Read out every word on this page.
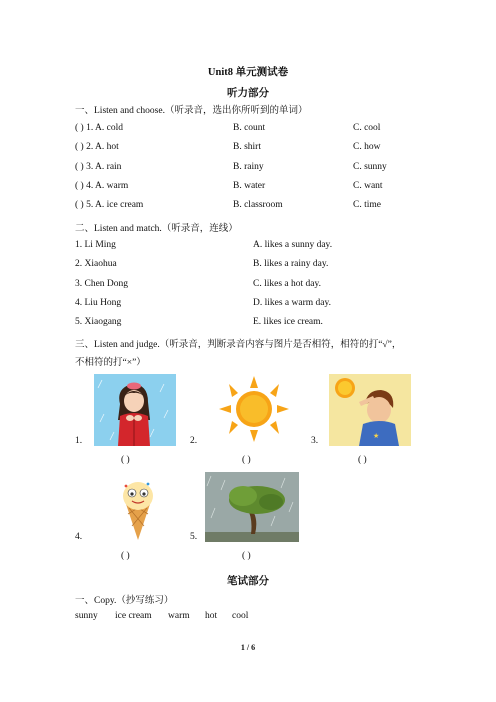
Unit8 单元测试卷
听力部分
一、Listen and choose.（听录音，选出你所听到的单词）
( ) 1. A. cold	B. count	C. cool
( ) 2. A. hot	B. shirt	C. how
( ) 3. A. rain	B. rainy	C. sunny
( ) 4. A. warm	B. water	C. want
( ) 5. A. ice cream	B. classroom	C. time
二、Listen and match.（听录音，连线）
1. Li Ming	A. likes a sunny day.
2. Xiaohua	B. likes a rainy day.
3. Chen Dong	C. likes a hot day.
4. Liu Hong	D. likes a warm day.
5. Xiaogang	E. likes ice cream.
三、Listen and judge.（听录音，判断录音内容与图片是否相符，相符的打“√”，
不相符的打“×”）
1.
( )
2.
( )
3.	★
( )
4.
( )
5.
( )
笔试部分
一、Copy.（抄写练习）
sunny ice cream warm hot cool
1 / 6
